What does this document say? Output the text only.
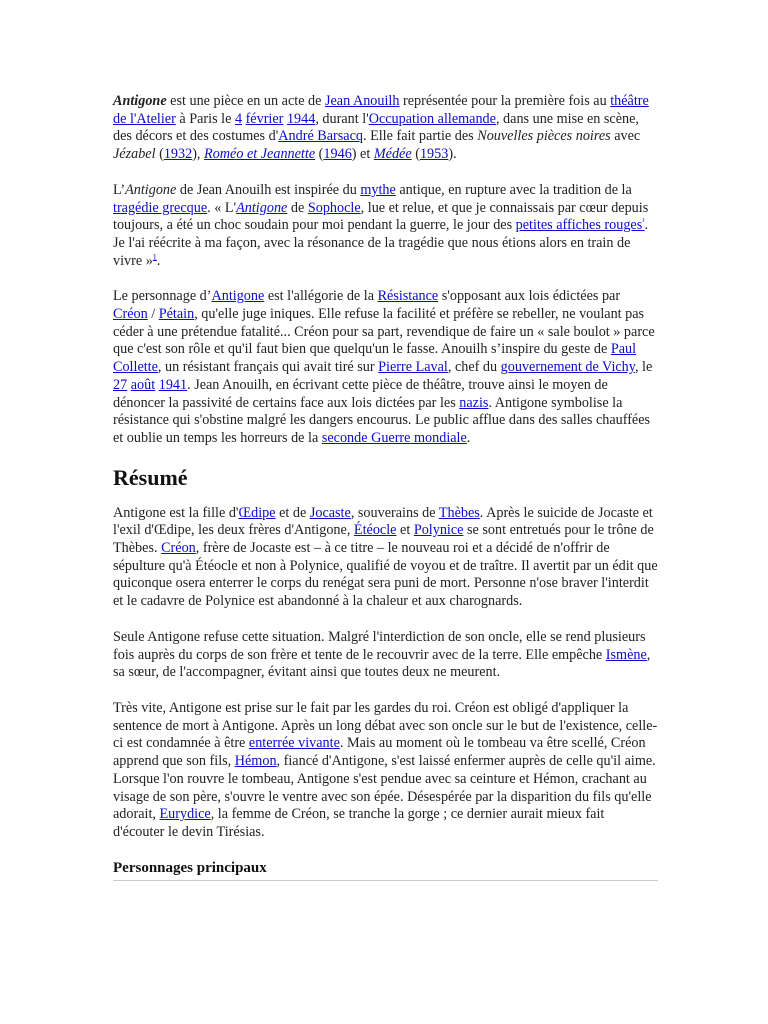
Antigone est une pièce en un acte de Jean Anouilh représentée pour la première fois au théâtre de l'Atelier à Paris le 4 février 1944, durant l'Occupation allemande, dans une mise en scène, des décors et des costumes d'André Barsacq. Elle fait partie des Nouvelles pièces noires avec Jézabel (1932), Roméo et Jeannette (1946) et Médée (1953).

L’Antigone de Jean Anouilh est inspirée du mythe antique, en rupture avec la tradition de la tragédie grecque. « L'Antigone de Sophocle, lue et relue, et que je connaissais par cœur depuis toujours, a été un choc soudain pour moi pendant la guerre, le jour des petites affiches rouges$^{^1}$. Je l'ai réécrite à ma façon, avec la résonance de la tragédie que nous étions alors en train de vivre »$^1$.

Le personnage d’Antigone est l'allégorie de la Résistance s'opposant aux lois édictées par Créon / Pétain, qu'elle juge iniques. Elle refuse la facilité et préfère se rebeller, ne voulant pas céder à une prétendue fatalité... Créon pour sa part, revendique de faire un « sale boulot » parce que c'est son rôle et qu'il faut bien que quelqu'un le fasse. Anouilh s’inspire du geste de Paul Collette, un résistant français qui avait tiré sur Pierre Laval, chef du gouvernement de Vichy, le 27 août 1941. Jean Anouilh, en écrivant cette pièce de théâtre, trouve ainsi le moyen de dénoncer la passivité de certains face aux lois dictées par les nazis. Antigone symbolise la résistance qui s'obstine malgré les dangers encourus. Le public afflue dans des salles chauffées et oublie un temps les horreurs de la seconde Guerre mondiale.

Résumé

Antigone est la fille d'Œdipe et de Jocaste, souverains de Thèbes. Après le suicide de Jocaste et l'exil d'Œdipe, les deux frères d'Antigone, Étéocle et Polynice se sont entretués pour le trône de Thèbes. Créon, frère de Jocaste est – à ce titre – le nouveau roi et a décidé de n'offrir de sépulture qu'à Étéocle et non à Polynice, qualifié de voyou et de traître. Il avertit par un édit que quiconque osera enterrer le corps du renégat sera puni de mort. Personne n'ose braver l'interdit et le cadavre de Polynice est abandonné à la chaleur et aux charognards.

Seule Antigone refuse cette situation. Malgré l'interdiction de son oncle, elle se rend plusieurs fois auprès du corps de son frère et tente de le recouvrir avec de la terre. Elle empêche Ismène, sa sœur, de l'accompagner, évitant ainsi que toutes deux ne meurent.

Très vite, Antigone est prise sur le fait par les gardes du roi. Créon est obligé d'appliquer la sentence de mort à Antigone. Après un long débat avec son oncle sur le but de l'existence, celle-ci est condamnée à être enterrée vivante. Mais au moment où le tombeau va être scellé, Créon apprend que son fils, Hémon, fiancé d'Antigone, s'est laissé enfermer auprès de celle qu'il aime. Lorsque l'on rouvre le tombeau, Antigone s'est pendue avec sa ceinture et Hémon, crachant au visage de son père, s'ouvre le ventre avec son épée. Désespérée par la disparition du fils qu'elle adorait, Eurydice, la femme de Créon, se tranche la gorge ; ce dernier aurait mieux fait d'écouter le devin Tirésias.

Personnages principaux
